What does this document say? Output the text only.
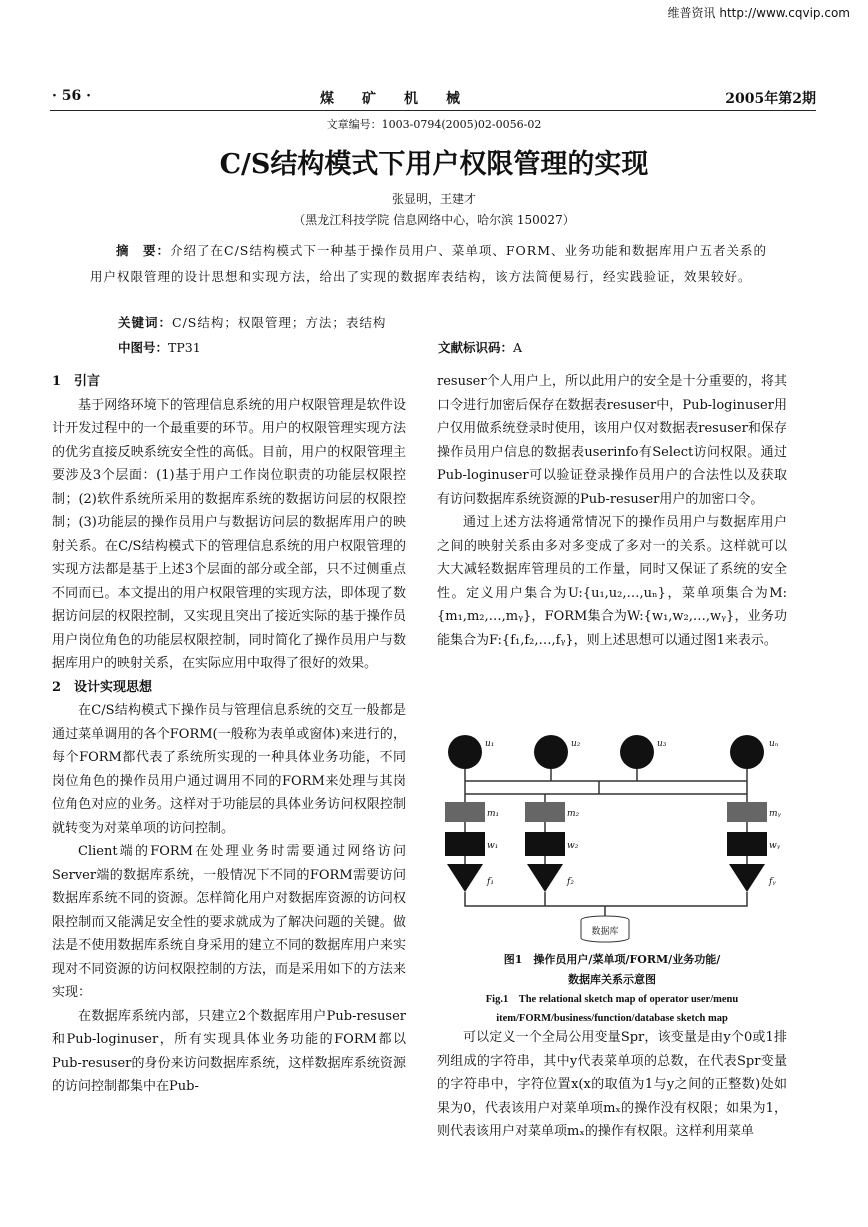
维普资讯 http://www.cqvip.com
· 56 ·	煤　　矿　　机　　械	2005年第2期
文章编号：1003-0794(2005)02-0056-02
C/S结构模式下用户权限管理的实现
张显明，王建才
（黑龙江科技学院 信息网络中心，哈尔滨 150027）
摘　要：介绍了在C/S结构模式下一种基于操作员用户、菜单项、FORM、业务功能和数据库用户五者关系的用户权限管理的设计思想和实现方法，给出了实现的数据库表结构，该方法简便易行，经实践验证，效果较好。
关键词：C/S结构；权限管理；方法；表结构
中图号：TP31	文献标识码：A
1　引言

基于网络环境下的管理信息系统的用户权限管理是软件设计开发过程中的一个最重要的环节。用户的权限管理实现方法的优劣直接反映系统安全性的高低。目前，用户的权限管理主要涉及3个层面：(1)基于用户工作岗位职责的功能层权限控制；(2)软件系统所采用的数据库系统的数据访问层的权限控制；(3)功能层的操作员用户与数据访问层的数据库用户的映射关系。在C/S结构模式下的管理信息系统的用户权限管理的实现方法都是基于上述3个层面的部分或全部，只不过侧重点不同而已。本文提出的用户权限管理的实现方法，即体现了数据访问层的权限控制，又实现且突出了接近实际的基于操作员用户岗位角色的功能层权限控制，同时简化了操作员用户与数据库用户的映射关系，在实际应用中取得了很好的效果。

2　设计实现思想

在C/S结构模式下操作员与管理信息系统的交互一般都是通过菜单调用的各个FORM(一般称为表单或窗体)来进行的，每个FORM都代表了系统所实现的一种具体业务功能，不同岗位角色的操作员用户通过调用不同的FORM来处理与其岗位角色对应的业务。这样对于功能层的具体业务访问权限控制就转变为对菜单项的访问控制。

Client端的FORM在处理业务时需要通过网络访问Server端的数据库系统，一般情况下不同的FORM需要访问数据库系统不同的资源。怎样简化用户对数据库资源的访问权限控制而又能满足安全性的要求就成为了解决问题的关键。做法是不使用数据库系统自身采用的建立不同的数据库用户来实现对不同资源的访问权限控制的方法，而是采用如下的方法来实现：

在数据库系统内部，只建立2个数据库用户Pub-resuser和Pub-loginuser，所有实现具体业务功能的FORM都以Pub-resuser的身份来访问数据库系统，这样数据库系统资源的访问控制都集中在Pub-

resuser个人用户上，所以此用户的安全是十分重要的，将其口令进行加密后保存在数据表resuser中，Pub-loginuser用户仅用做系统登录时使用，该用户仅对数据表resuser和保存操作员用户信息的数据表userinfo有Select访问权限。通过Pub-loginuser可以验证登录操作员用户的合法性以及获取有访问数据库系统资源的Pub-resuser用户的加密口令。

通过上述方法将通常情况下的操作员用户与数据库用户之间的映射关系由多对多变成了多对一的关系。这样就可以大大减轻数据库管理员的工作量，同时又保证了系统的安全性。定义用户集合为U:{u₁,u₂,…,uₙ}，菜单项集合为M:{m₁,m₂,…,mᵧ}，FORM集合为W:{w₁,w₂,…,wᵧ}，业务功能集合为F:{f₁,f₂,…,fᵧ}，则上述思想可以通过图1来表示。

u₁	u₂	u₃	uₙ
m₁	m₂	mᵧ
w₁	w₂	wᵧ
f₁	f₂	fᵧ
数据库
图1　操作员用户/菜单项/FORM/业务功能/
数据库关系示意图
Fig.1　The relational sketch map of operator user/menu
item/FORM/business/function/database sketch map

可以定义一个全局公用变量Spr，该变量是由y个0或1排列组成的字符串，其中y代表菜单项的总数，在代表Spr变量的字符串中，字符位置x(x的取值为1与y之间的正整数)处如果为0，代表该用户对菜单项mₓ的操作没有权限；如果为1，则代表该用户对菜单项mₓ的操作有权限。这样利用菜单
